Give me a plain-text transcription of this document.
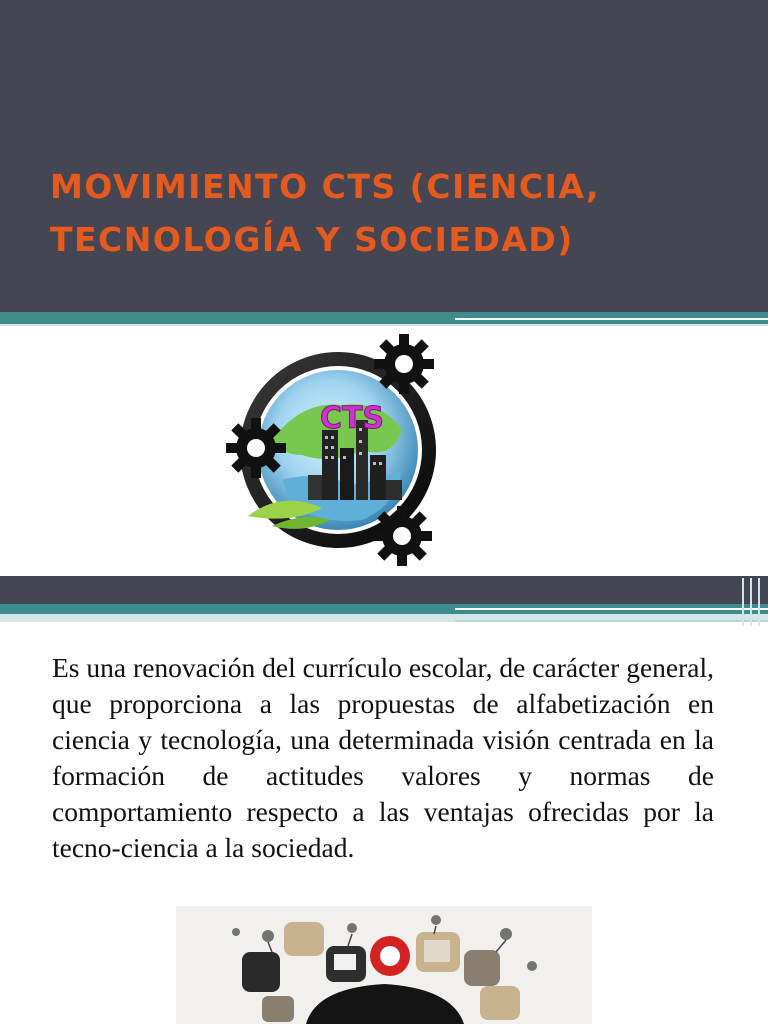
MOVIMIENTO CTS (CIENCIA, TECNOLOGÍA Y SOCIEDAD)
CTS

Es una renovación del currículo escolar, de carácter general, que proporciona a las propuestas de alfabetización en ciencia y tecnología, una determinada visión centrada en la formación de actitudes valores y normas de comportamiento respecto a las ventajas ofrecidas por la tecno-ciencia a la sociedad.
